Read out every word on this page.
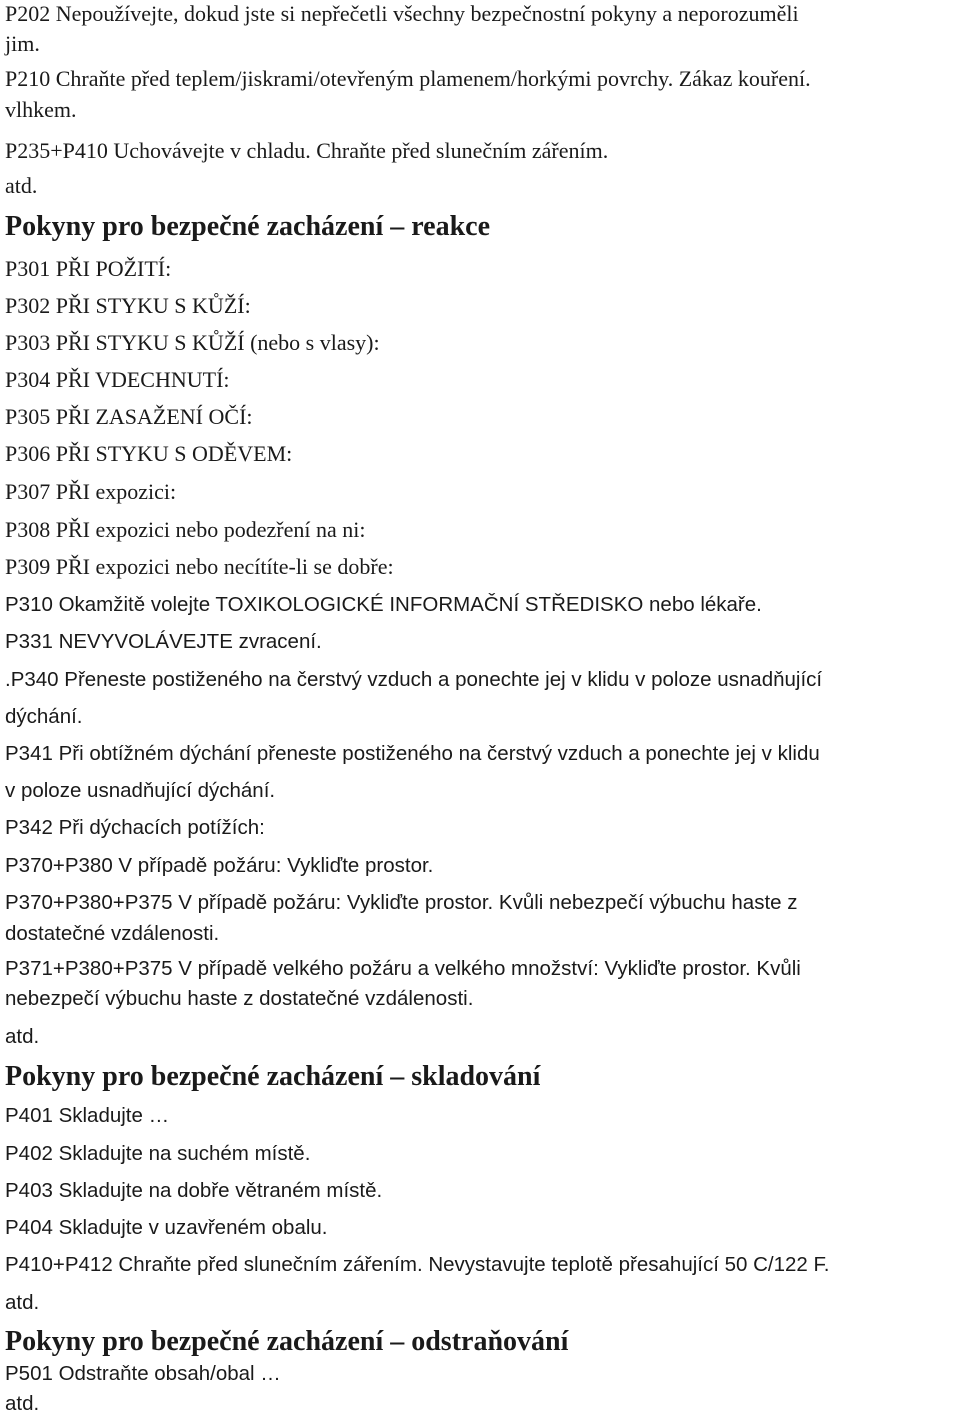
P202 Nepoužívejte, dokud jste si nepřečetli všechny bezpečnostní pokyny a neporozuměli

jim.

P210 Chraňte před teplem/jiskrami/otevřeným plamenem/horkými povrchy. Zákaz kouření.

vlhkem.

P235+P410 Uchovávejte v chladu. Chraňte před slunečním zářením.

atd.

Pokyny pro bezpečné zacházení – reakce

P301 PŘI POŽITÍ:

P302 PŘI STYKU S KŮŽÍ:

P303 PŘI STYKU S KŮŽÍ (nebo s vlasy):

P304 PŘI VDECHNUTÍ:

P305 PŘI ZASAŽENÍ OČÍ:

P306 PŘI STYKU S ODĚVEM:

P307 PŘI expozici:

P308 PŘI expozici nebo podezření na ni:

P309 PŘI expozici nebo necítíte-li se dobře:

P310 Okamžitě volejte TOXIKOLOGICKÉ INFORMAČNÍ STŘEDISKO nebo lékaře.

P331 NEVYVOLÁVEJTE zvracení.

.P340 Přeneste postiženého na čerstvý vzduch a ponechte jej v klidu v poloze usnadňující

dýchání.

P341 Při obtížném dýchání přeneste postiženého na čerstvý vzduch a ponechte jej v klidu

v poloze usnadňující dýchání.

P342 Při dýchacích potížích:

P370+P380 V případě požáru: Vykliďte prostor.

P370+P380+P375 V případě požáru: Vykliďte prostor. Kvůli nebezpečí výbuchu haste z

dostatečné vzdálenosti.

P371+P380+P375 V případě velkého požáru a velkého množství: Vykliďte prostor. Kvůli

nebezpečí výbuchu haste z dostatečné vzdálenosti.

atd.

Pokyny pro bezpečné zacházení – skladování

P401 Skladujte …

P402 Skladujte na suchém místě.

P403 Skladujte na dobře větraném místě.

P404 Skladujte v uzavřeném obalu.

P410+P412 Chraňte před slunečním zářením. Nevystavujte teplotě přesahující 50 C/122 F.

atd.

Pokyny pro bezpečné zacházení – odstraňování

P501 Odstraňte obsah/obal …

atd.
